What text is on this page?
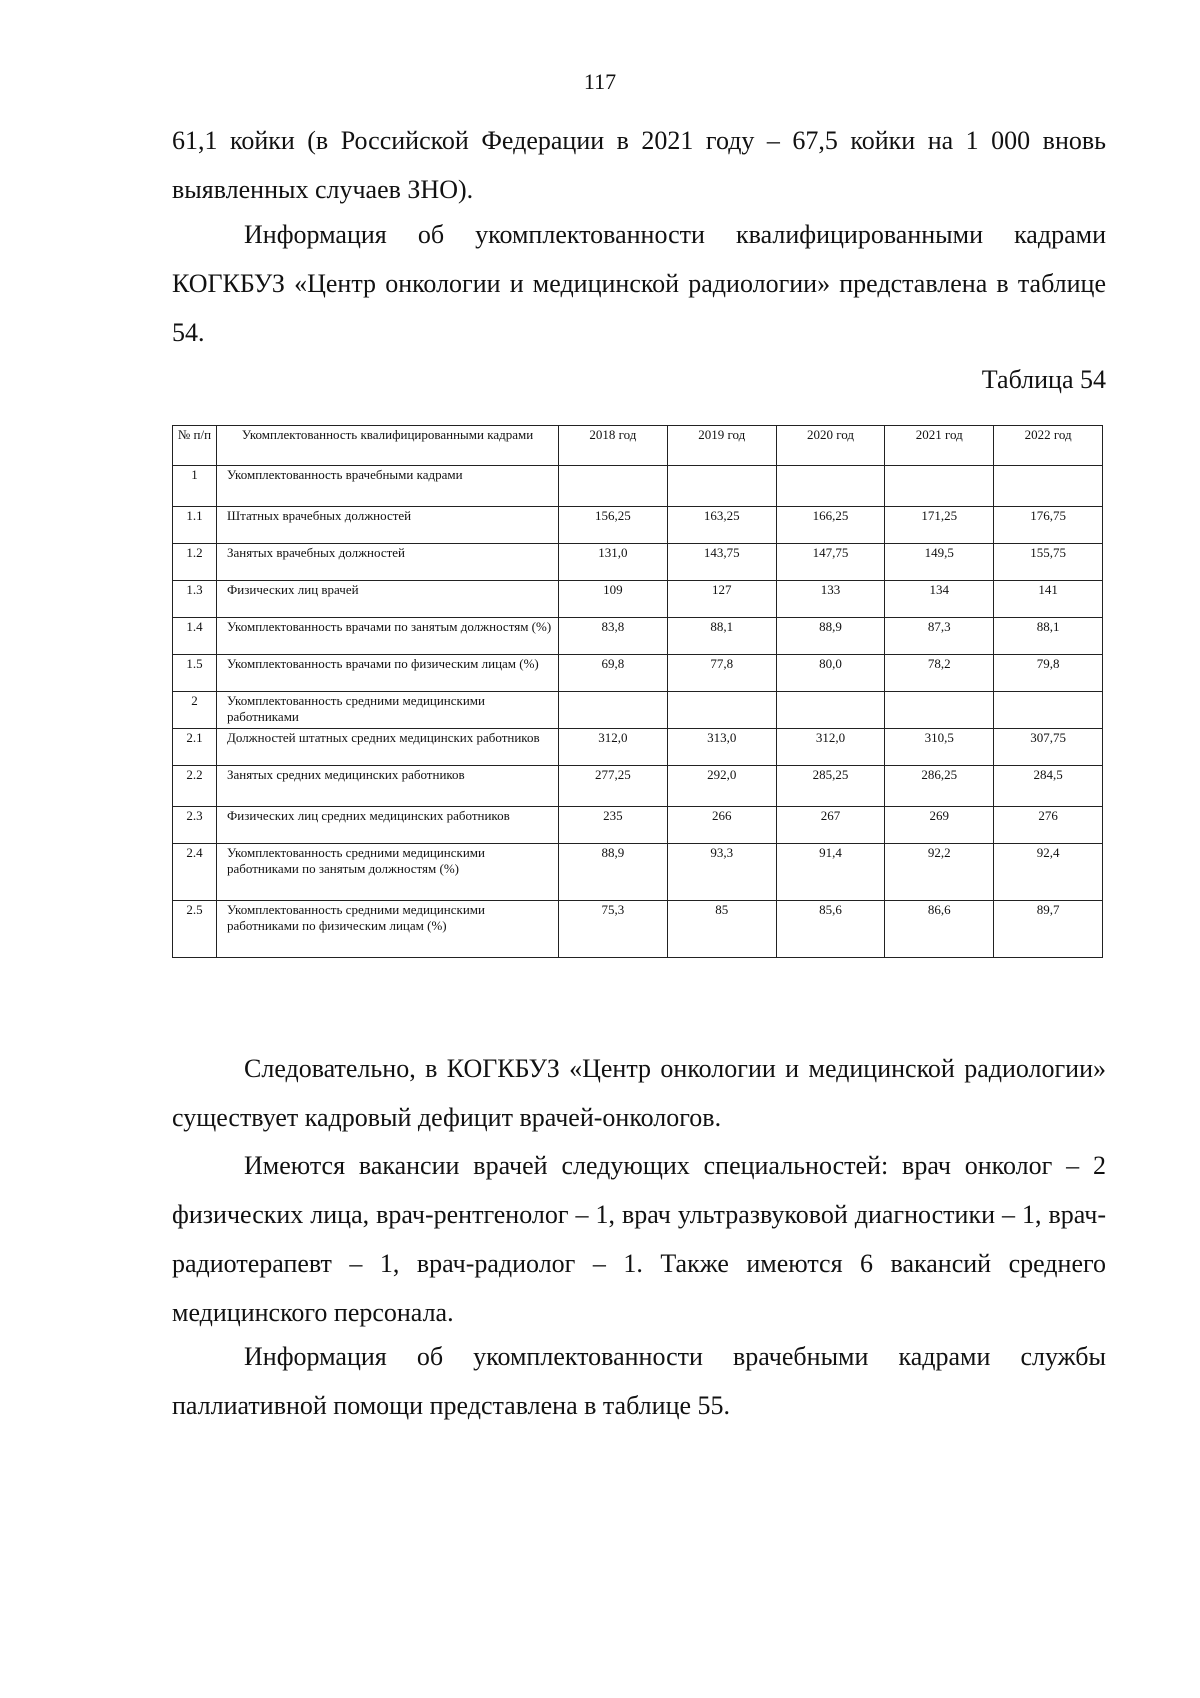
117

61,1 койки (в Российской Федерации в 2021 году – 67,5 койки на 1 000 вновь выявленных случаев ЗНО).

Информация об укомплектованности квалифицированными кадрами КОГКБУЗ «Центр онкологии и медицинской радиологии» представлена в таблице 54.

Таблица 54
№ п/п	Укомплектованность квалифицированными кадрами	2018 год	2019 год	2020 год	2021 год	2022 год
1	Укомплектованность врачебными кадрами					
1.1	Штатных врачебных должностей	156,25	163,25	166,25	171,25	176,75
1.2	Занятых врачебных должностей	131,0	143,75	147,75	149,5	155,75
1.3	Физических лиц врачей	109	127	133	134	141
1.4	Укомплектованность врачами по занятым должностям (%)	83,8	88,1	88,9	87,3	88,1
1.5	Укомплектованность врачами по физическим лицам (%)	69,8	77,8	80,0	78,2	79,8
2	Укомплектованность средними медицинскими работниками					
2.1	Должностей штатных средних медицинских работников	312,0	313,0	312,0	310,5	307,75
2.2	Занятых средних медицинских работников	277,25	292,0	285,25	286,25	284,5
2.3	Физических лиц средних медицинских работников	235	266	267	269	276
2.4	Укомплектованность средними медицинскими работниками по занятым должностям (%)	88,9	93,3	91,4	92,2	92,4
2.5	Укомплектованность средними медицинскими работниками по физическим лицам (%)	75,3	85	85,6	86,6	89,7

Следовательно, в КОГКБУЗ «Центр онкологии и медицинской радиологии» существует кадровый дефицит врачей-онкологов.

Имеются вакансии врачей следующих специальностей: врач онколог – 2 физических лица, врач-рентгенолог – 1, врач ультразвуковой диагностики – 1, врач-радиотерапевт – 1, врач-радиолог – 1. Также имеются 6 вакансий среднего медицинского персонала.

Информация об укомплектованности врачебными кадрами службы паллиативной помощи представлена в таблице 55.
